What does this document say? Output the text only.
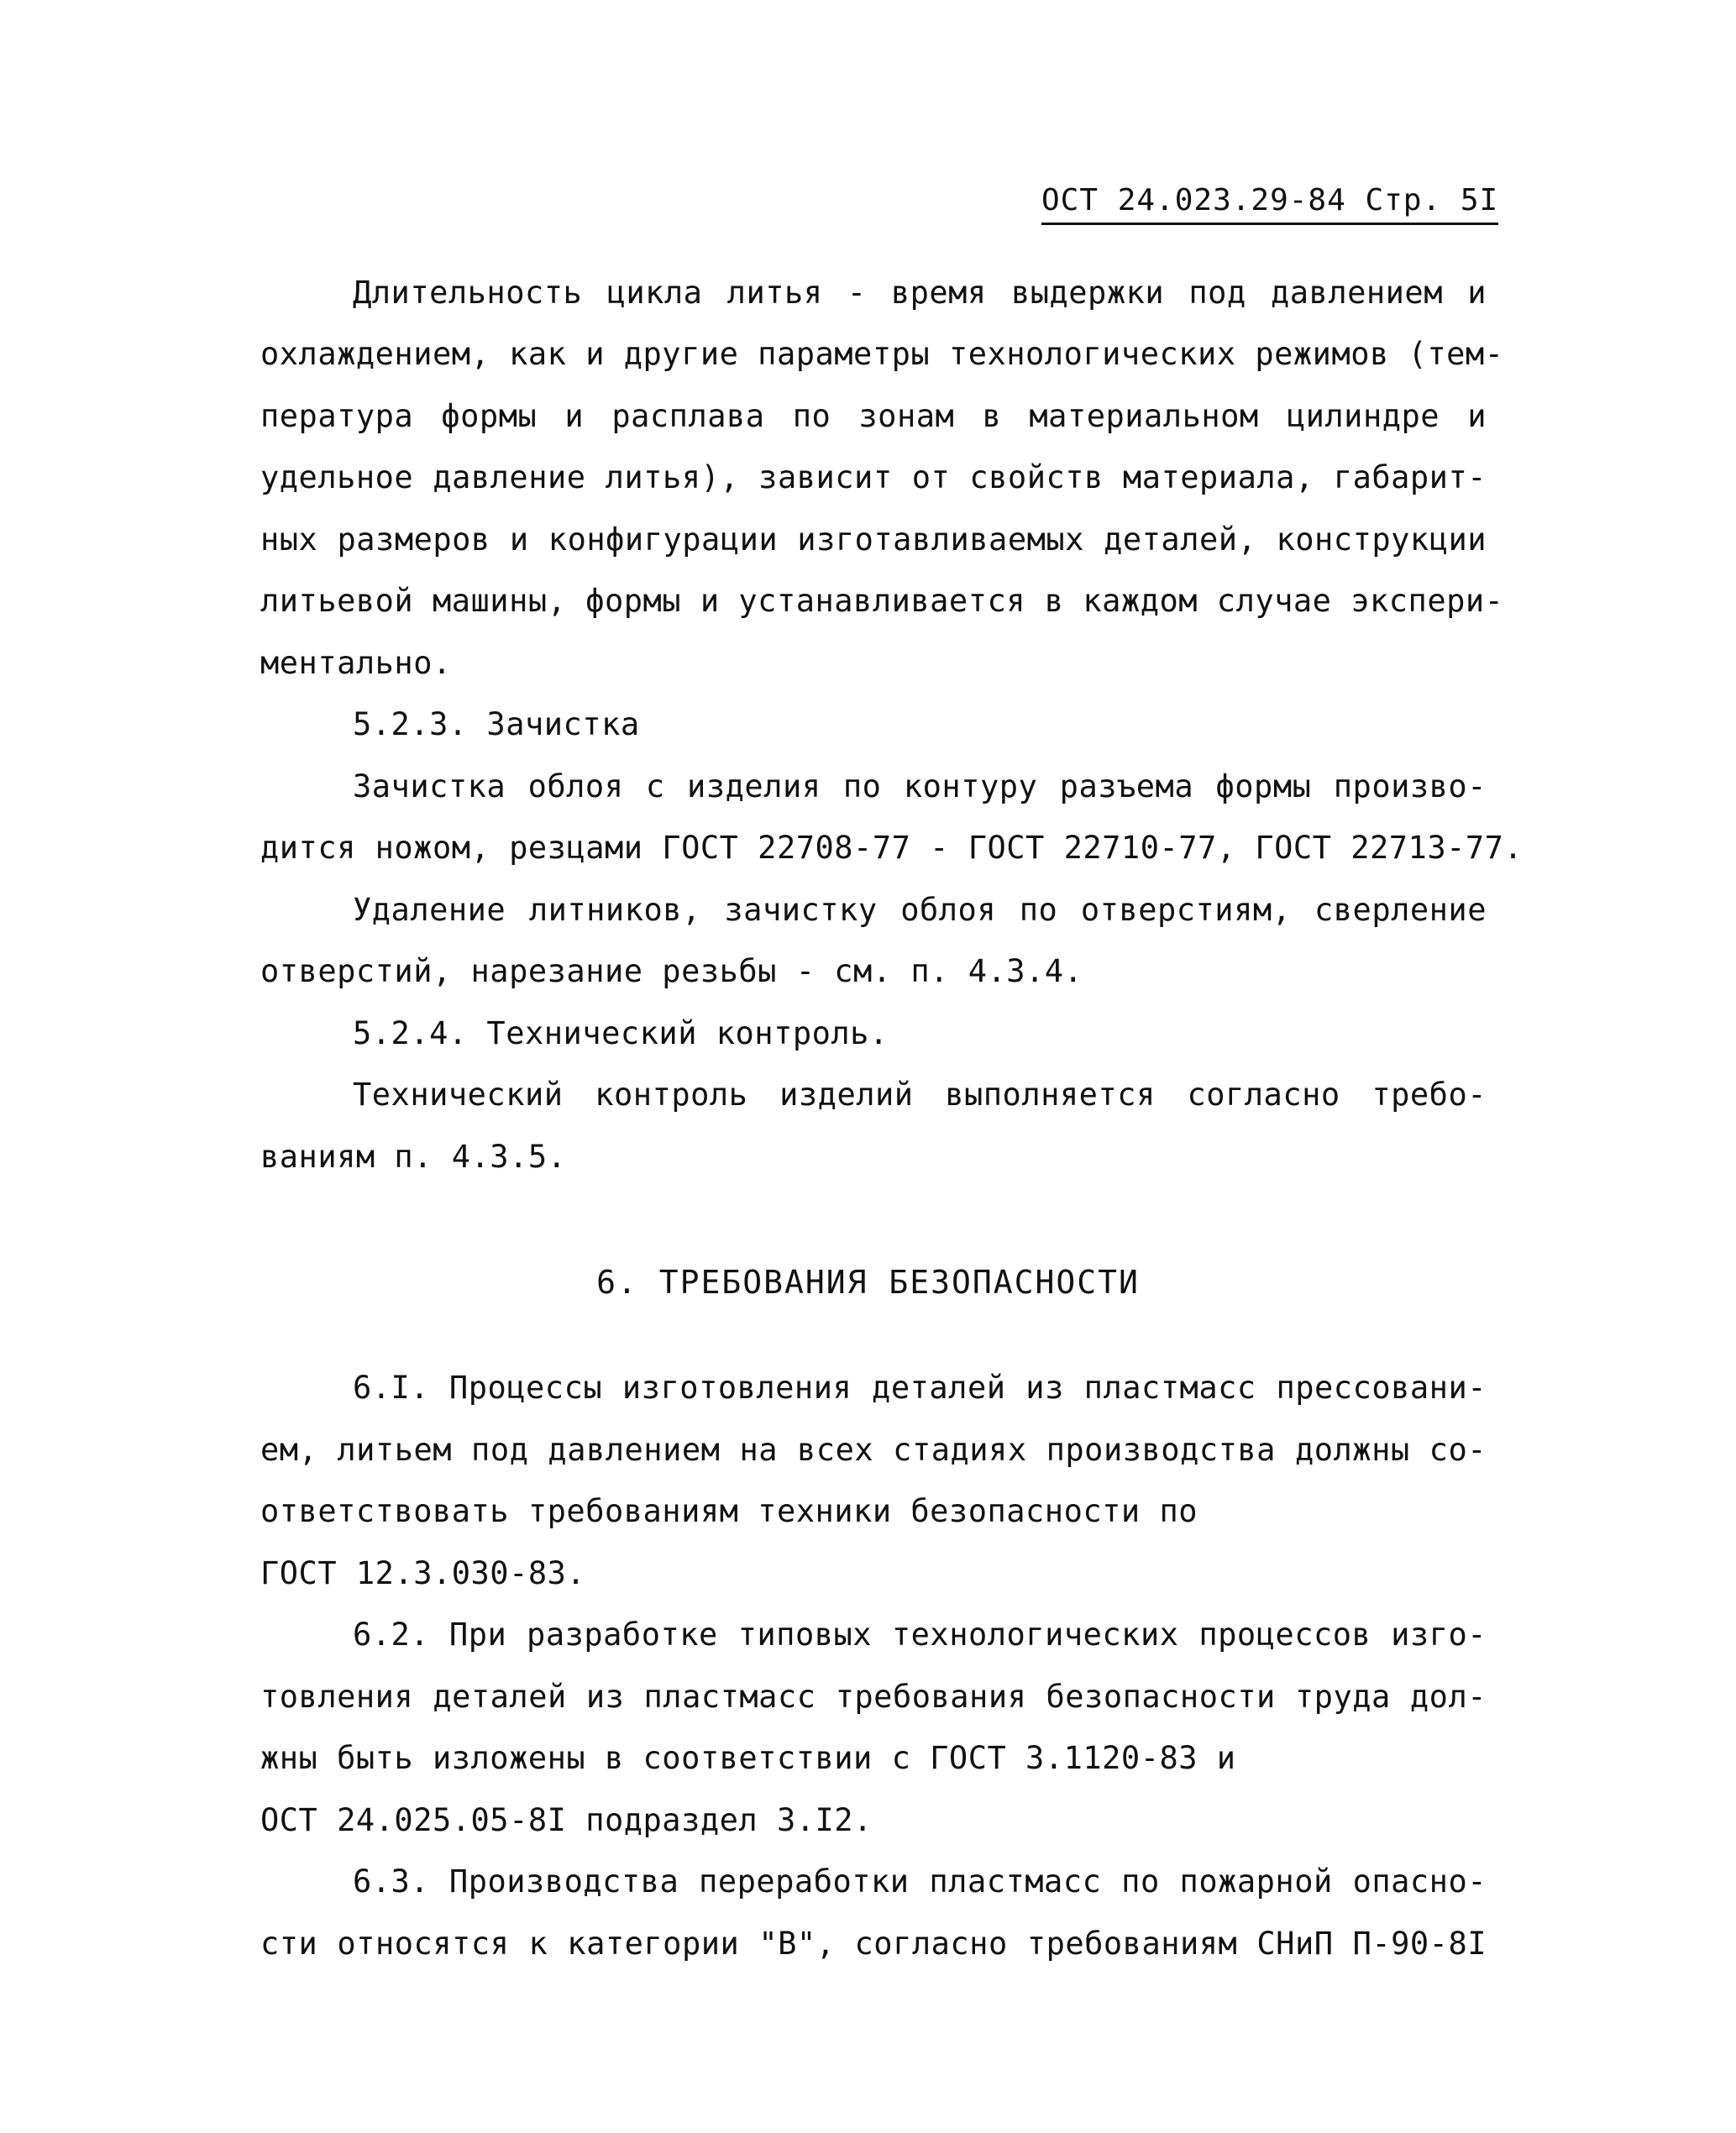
ОСТ 24.023.29-84 Стр. 5I
Длительность цикла литья - время выдержки под давлением и
охлаждением, как и другие параметры технологических режимов (тем-
пература формы и расплава по зонам в материальном цилиндре и
удельное давление литья), зависит от свойств материала, габарит-
ных размеров и конфигурации изготавливаемых деталей, конструкции
литьевой машины, формы и устанавливается в каждом случае экспери-
ментально.
5.2.3. Зачистка
Зачистка облоя с изделия по контуру разъема формы произво-
дится ножом, резцами ГОСТ 22708-77 - ГОСТ 22710-77, ГОСТ 22713-77.
Удаление литников, зачистку облоя по отверстиям, сверление
отверстий, нарезание резьбы - см. п. 4.3.4.
5.2.4. Технический контроль.
Технический контроль изделий выполняется согласно требо-
ваниям п. 4.3.5.
6. ТРЕБОВАНИЯ БЕЗОПАСНОСТИ
6.I. Процессы изготовления деталей из пластмасс прессовани-
ем, литьем под давлением на всех стадиях производства должны со-
ответствовать требованиям техники безопасности по
ГОСТ 12.3.030-83.
6.2. При разработке типовых технологических процессов изго-
товления деталей из пластмасс требования безопасности труда дол-
жны быть изложены в соответствии с ГОСТ 3.1120-83 и
ОСТ 24.025.05-8I подраздел 3.I2.
6.3. Производства переработки пластмасс по пожарной опасно-
сти относятся к категории "В", согласно требованиям СНиП П-90-8I
